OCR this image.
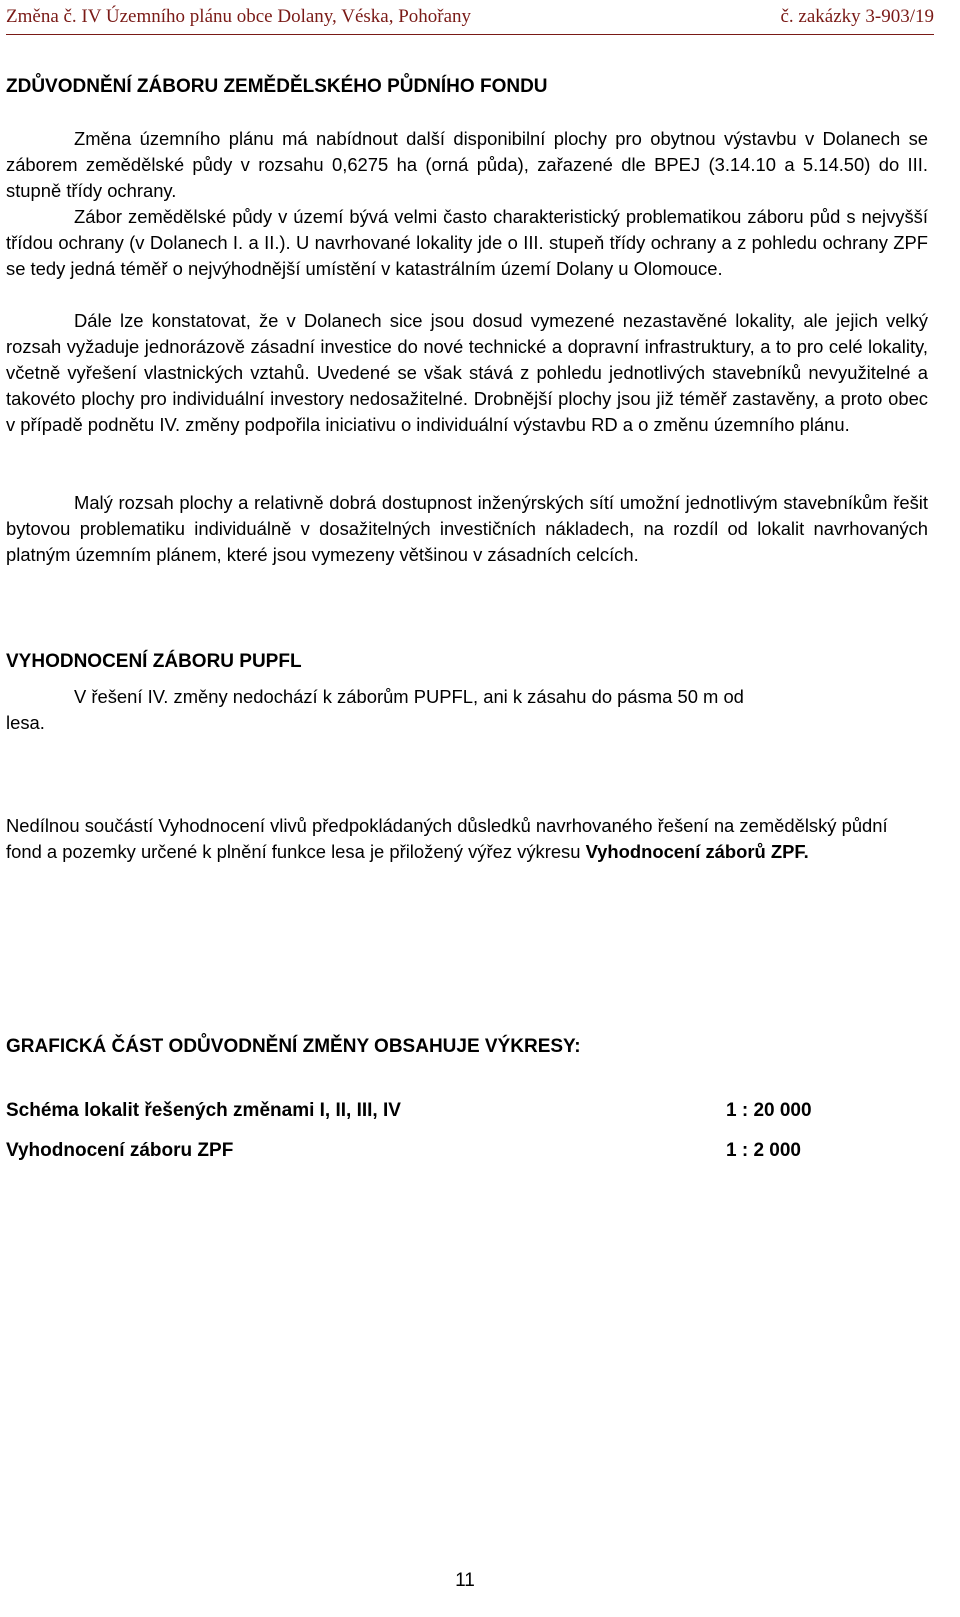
Změna č. IV Územního plánu obce Dolany, Véska, Pohořany	č. zakázky 3-903/19
ZDŮVODNĚNÍ ZÁBORU ZEMĚDĚLSKÉHO PŮDNÍHO FONDU
Změna územního plánu má nabídnout další disponibilní plochy pro obytnou výstavbu v Dolanech se záborem zemědělské půdy v rozsahu 0,6275 ha (orná půda), zařazené dle BPEJ (3.14.10 a 5.14.50) do III. stupně třídy ochrany.
Zábor zemědělské půdy v území bývá velmi často charakteristický problematikou záboru půd s nejvyšší třídou ochrany (v Dolanech I. a II.). U navrhované lokality jde o III. stupeň třídy ochrany a z pohledu ochrany ZPF se tedy jedná téměř o nejvýhodnější umístění v katastrálním území Dolany u Olomouce.
Dále lze konstatovat, že v Dolanech sice jsou dosud vymezené nezastavěné lokality, ale jejich velký rozsah vyžaduje jednorázově zásadní investice do nové technické a dopravní infrastruktury, a to pro celé lokality, včetně vyřešení vlastnických vztahů. Uvedené se však stává z pohledu jednotlivých stavebníků nevyužitelné a takovéto plochy pro individuální investory nedosažitelné. Drobnější plochy jsou již téměř zastavěny, a proto obec v případě podnětu IV. změny podpořila iniciativu o individuální výstavbu RD a o změnu územního plánu.
Malý rozsah plochy a relativně dobrá dostupnost inženýrských sítí umožní jednotlivým stavebníkům řešit bytovou problematiku individuálně v dosažitelných investičních nákladech, na rozdíl od lokalit navrhovaných platným územním plánem, které jsou vymezeny většinou v zásadních celcích.
VYHODNOCENÍ ZÁBORU PUPFL
V řešení IV. změny nedochází k záborům PUPFL, ani k zásahu do pásma 50 m od
lesa.
Nedílnou součástí Vyhodnocení vlivů předpokládaných důsledků navrhovaného řešení na zemědělský půdní fond a pozemky určené k plnění funkce lesa je přiložený výřez výkresu Vyhodnocení záborů ZPF.
GRAFICKÁ ČÁST ODŮVODNĚNÍ ZMĚNY OBSAHUJE VÝKRESY:
Schéma lokalit řešených změnami I, II, III, IV	1 : 20 000
Vyhodnocení záboru ZPF	1 : 2 000
11
